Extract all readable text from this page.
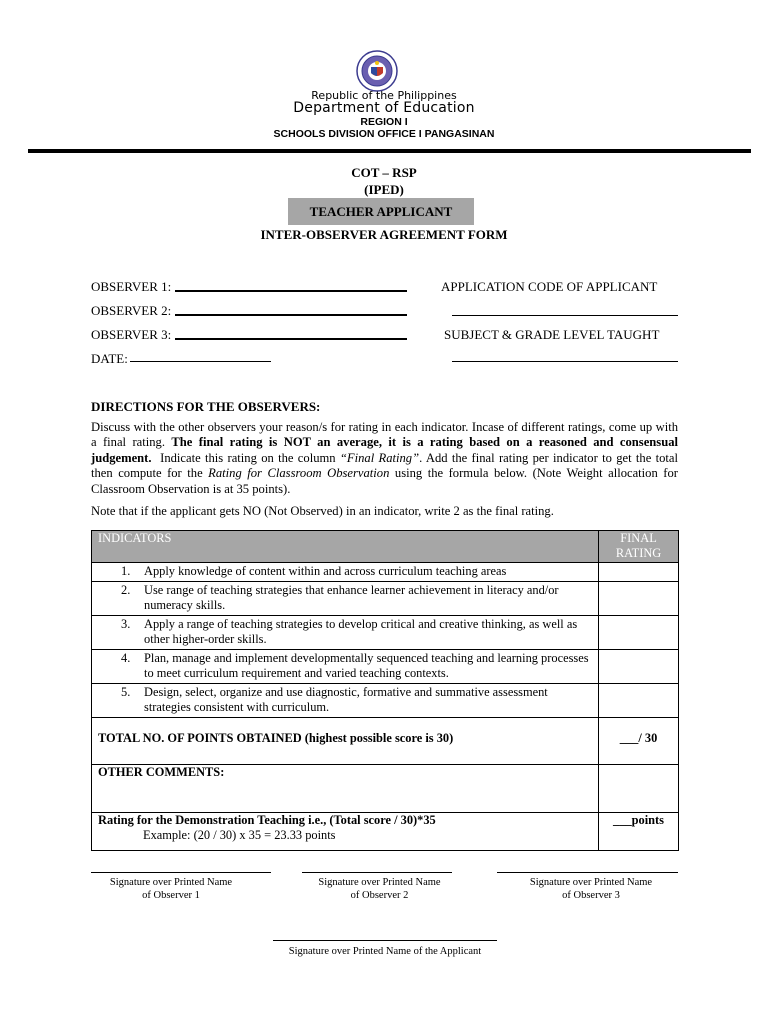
Republic of the Philippines
Department of Education
REGION I
SCHOOLS DIVISION OFFICE I PANGASINAN
COT – RSP
(IPED)
TEACHER APPLICANT
INTER-OBSERVER AGREEMENT FORM
OBSERVER 1:
OBSERVER 2:
OBSERVER 3:
DATE:
APPLICATION CODE OF APPLICANT
SUBJECT & GRADE LEVEL TAUGHT
DIRECTIONS FOR THE OBSERVERS:
Discuss with the other observers your reason/s for rating in each indicator. Incase of different ratings, come up with a final rating. The final rating is NOT an average, it is a rating based on a reasoned and consensual judgement. Indicate this rating on the column “Final Rating”. Add the final rating per indicator to get the total then compute for the Rating for Classroom Observation using the formula below. (Note Weight allocation for Classroom Observation is at 35 points).
Note that if the applicant gets NO (Not Observed) in an indicator, write 2 as the final rating.
INDICATORS	FINAL RATING

1. Apply knowledge of content within and across curriculum teaching areas	

2. Use range of teaching strategies that enhance learner achievement in literacy and/or numeracy skills.	

3. Apply a range of teaching strategies to develop critical and creative thinking, as well as other higher-order skills.	

4. Plan, manage and implement developmentally sequenced teaching and learning processes to meet curriculum requirement and varied teaching contexts.	

5. Design, select, organize and use diagnostic, formative and summative assessment strategies consistent with curriculum.	
TOTAL NO. OF POINTS OBTAINED (highest possible score is 30)	___/ 30
OTHER COMMENTS:	

Rating for the Demonstration Teaching i.e., (Total score / 30)*35
Example: (20 / 30) x 35 = 23.33 points	___points
Signature over Printed Name
of Observer 1
Signature over Printed Name
of Observer 2
Signature over Printed Name
of Observer 3
Signature over Printed Name of the Applicant
